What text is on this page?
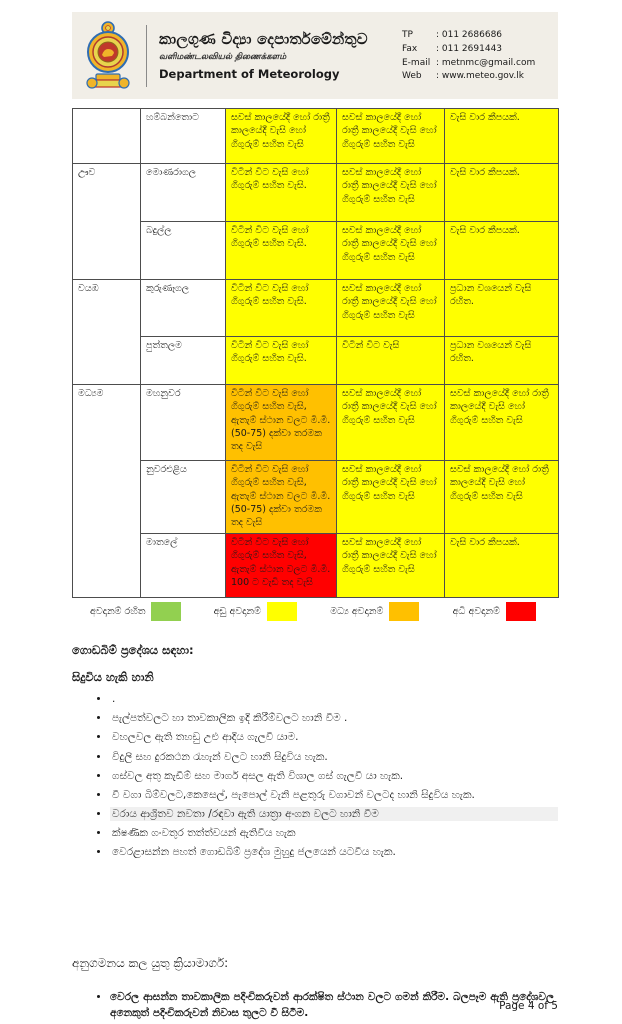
කාලගුණ විද්‍යා දෙපාර්තමේන්තුව
வளிமண்டலவியல் திணைக்களம்
Department of Meteorology
TP	: 011 2686686
Fax	: 011 2691443
E-mail : metnmc@gmail.com
Web	: www.meteo.gov.lk
	හම්බන්තොට	සවස් කාලයේදී හෝ රාත්‍රී කාලයේදී වැසි හෝ ගිගුරුම් සහිත වැසි	සවස් කාලයේදී හෝ රාත්‍රී කාලයේදී වැසි හෝ ගිගුරුම් සහිත වැසි	වැසි වාර කීපයක්.
ඌව	මොණරාගල	විටින් විට වැසි හෝ ගිගුරුම් සහිත වැසි.	සවස් කාලයේදී හෝ රාත්‍රී කාලයේදී වැසි හෝ ගිගුරුම් සහිත වැසි	වැසි වාර කීපයක්.
	බදුල්ල	විටින් විට වැසි හෝ ගිගුරුම් සහිත වැසි.	සවස් කාලයේදී හෝ රාත්‍රී කාලයේදී වැසි හෝ ගිගුරුම් සහිත වැසි	වැසි වාර කීපයක්.
වයඹ	කුරුණෑගල	විටින් විට වැසි හෝ ගිගුරුම් සහිත වැසි.	සවස් කාලයේදී හෝ රාත්‍රී කාලයේදී වැසි හෝ ගිගුරුම් සහිත වැසි	ප්‍රධාන වශයෙන් වැසි රහිත.
	පුත්තලම	විටින් විට වැසි හෝ ගිගුරුම් සහිත වැසි.	විටින් විට වැසි	ප්‍රධාන වශයෙන් වැසි රහිත.
මධ්‍යම	මහනුවර	විටින් විට වැසි හෝ ගිගුරුම් සහිත වැසි, ඇතැම් ස්ථාන වලට මි.මී. (50-75) දක්වා තරමක තද වැසි	සවස් කාලයේදී හෝ රාත්‍රී කාලයේදී වැසි හෝ ගිගුරුම් සහිත වැසි	සවස් කාලයේදී හෝ රාත්‍රී කාලයේදී වැසි හෝ ගිගුරුම් සහිත වැසි
	නුවරඑළිය	විටින් විට වැසි හෝ ගිගුරුම් සහිත වැසි, ඇතැම් ස්ථාන වලට මි.මී. (50-75) දක්වා තරමක තද වැසි	සවස් කාලයේදී හෝ රාත්‍රී කාලයේදී වැසි හෝ ගිගුරුම් සහිත වැසි	සවස් කාලයේදී හෝ රාත්‍රී කාලයේදී වැසි හෝ ගිගුරුම් සහිත වැසි
	මාතලේ	විටින් විට වැසි හෝ ගිගුරුම් සහිත වැසි, ඇතැම් ස්ථාන වලට මි.මී. 100 ට වැඩි තද වැසි	සවස් කාලයේදී හෝ රාත්‍රී කාලයේදී වැසි හෝ ගිගුරුම් සහිත වැසි	වැසි වාර කීපයක්.
අවදානම් රහිත	අඩු අවදානම්	මධ්‍ය අවදානම්	අධි අවදානම්
ගොඩබිම් ප්‍රදේශය සඳහා:
සිදුවිය හැකි හානි
• .
• පැල්පත්වලට හා තාවකාලික ඉදි කිරීම්වලට හානි වීම .
• වහලවල ඇති තහඩු උළු ආදිය ගැලවී යාම.
• විදුලි සහ දුරකථන රැහැන් වලට හානි සිදුවිය හැක.
• ගස්වල අතු කැඩීම් සහ මාර්ග අසල ඇති විශාල ගස් ගැලවී යා හැක.
• වී වගා බිම්වලට,කෙසෙල්, පැපොල් වැනි පළතුරු වගාවන් වලටද හානි සිදුවිය හැක.
• වරාය ආශ්‍රිතව නවතා /රඳවා ඇති යාත්‍රා අංගන වලට හානි වීම
• ක්ෂණික ගංවතුර තත්ත්වයන් ඇතිවීය හැක
• වෙරළාසන්න පහත් ගොඩබිම් ප්‍රදේශ මුහුදු ජලයෙන් යටවීය හැක.
අනුගමනය කල යුතු ක්‍රියාමාර්ග:
• වෙරල ආසන්න තාවකාලික පදිංචිකරුවන් ආරක්ෂිත ස්ථාන වලට ගමන් කිරීම. බලපෑම ඇති ප්‍රදේශවල අනෙකුත් පදිංචිකරුවන් නිවාස තුලට වී සිටීම.
Page 4 of 5
